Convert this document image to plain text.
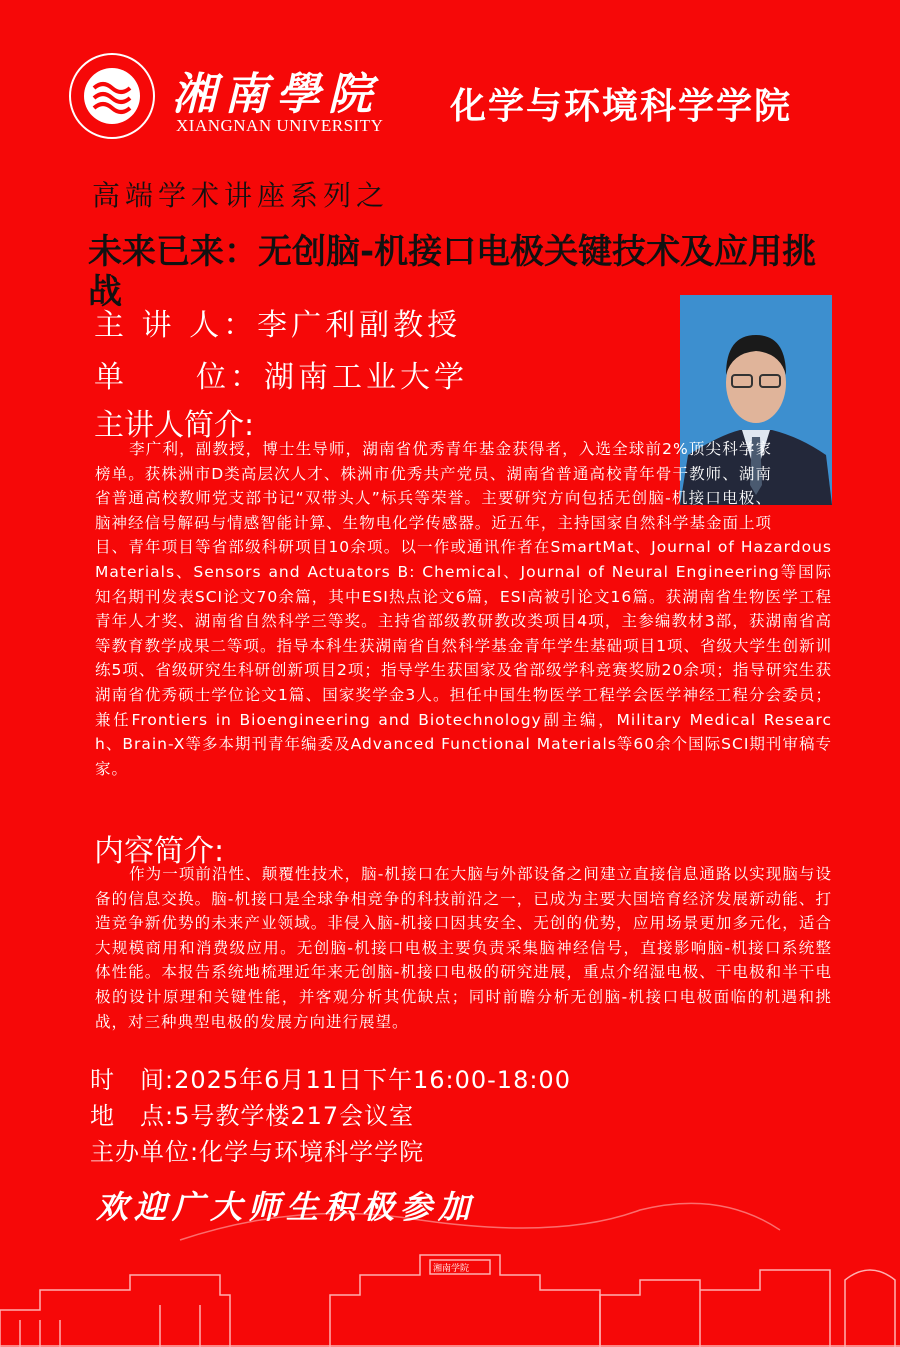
湘南學院
XIANGNAN UNIVERSITY 化学与环境科学学院
高端学术讲座系列之
未来已来：无创脑-机接口电极关键技术及应用挑战
主 讲 人：李广利副教授
单　　位：湖南工业大学
主讲人简介:
李广利，副教授，博士生导师，湖南省优秀青年基金获得者，入选全球前2%顶尖科学家榜单。获株洲市D类高层次人才、株洲市优秀共产党员、湖南省普通高校青年骨干教师、湖南省普通高校教师党支部书记“双带头人”标兵等荣誉。主要研究方向包括无创脑-机接口电极、脑神经信号解码与情感智能计算、生物电化学传感器。近五年，主持国家自然科学基金面上项目、青年项目等省部级科研项目10余项。以一作或通讯作者在SmartMat、Journal of Hazardous Materials、Sensors and Actuators B: Chemical、Journal of Neural Engineering等国际知名期刊发表SCI论文70余篇，其中ESI热点论文6篇，ESI高被引论文16篇。获湖南省生物医学工程青年人才奖、湖南省自然科学三等奖。主持省部级教研教改类项目4项，主参编教材3部，获湖南省高等教育教学成果二等项。指导本科生获湖南省自然科学基金青年学生基础项目1项、省级大学生创新训练5项、省级研究生科研创新项目2项；指导学生获国家及省部级学科竞赛奖励20余项；指导研究生获湖南省优秀硕士学位论文1篇、国家奖学金3人。担任中国生物医学工程学会医学神经工程分会委员；兼任Frontiers in Bioengineering and Biotechnology副主编，Military Medical Research、Brain-X等多本期刊青年编委及Advanced Functional Materials等60余个国际SCI期刊审稿专家。
内容简介:
作为一项前沿性、颠覆性技术，脑-机接口在大脑与外部设备之间建立直接信息通路以实现脑与设备的信息交换。脑-机接口是全球争相竞争的科技前沿之一，已成为主要大国培育经济发展新动能、打造竞争新优势的未来产业领域。非侵入脑-机接口因其安全、无创的优势，应用场景更加多元化，适合大规模商用和消费级应用。无创脑-机接口电极主要负责采集脑神经信号，直接影响脑-机接口系统整体性能。本报告系统地梳理近年来无创脑-机接口电极的研究进展，重点介绍湿电极、干电极和半干电极的设计原理和关键性能，并客观分析其优缺点；同时前瞻分析无创脑-机接口电极面临的机遇和挑战，对三种典型电极的发展方向进行展望。
时　间:2025年6月11日下午16:00-18:00
地　点:5号教学楼217会议室
主办单位:化学与环境科学学院
湘南学院
欢迎广大师生积极参加
